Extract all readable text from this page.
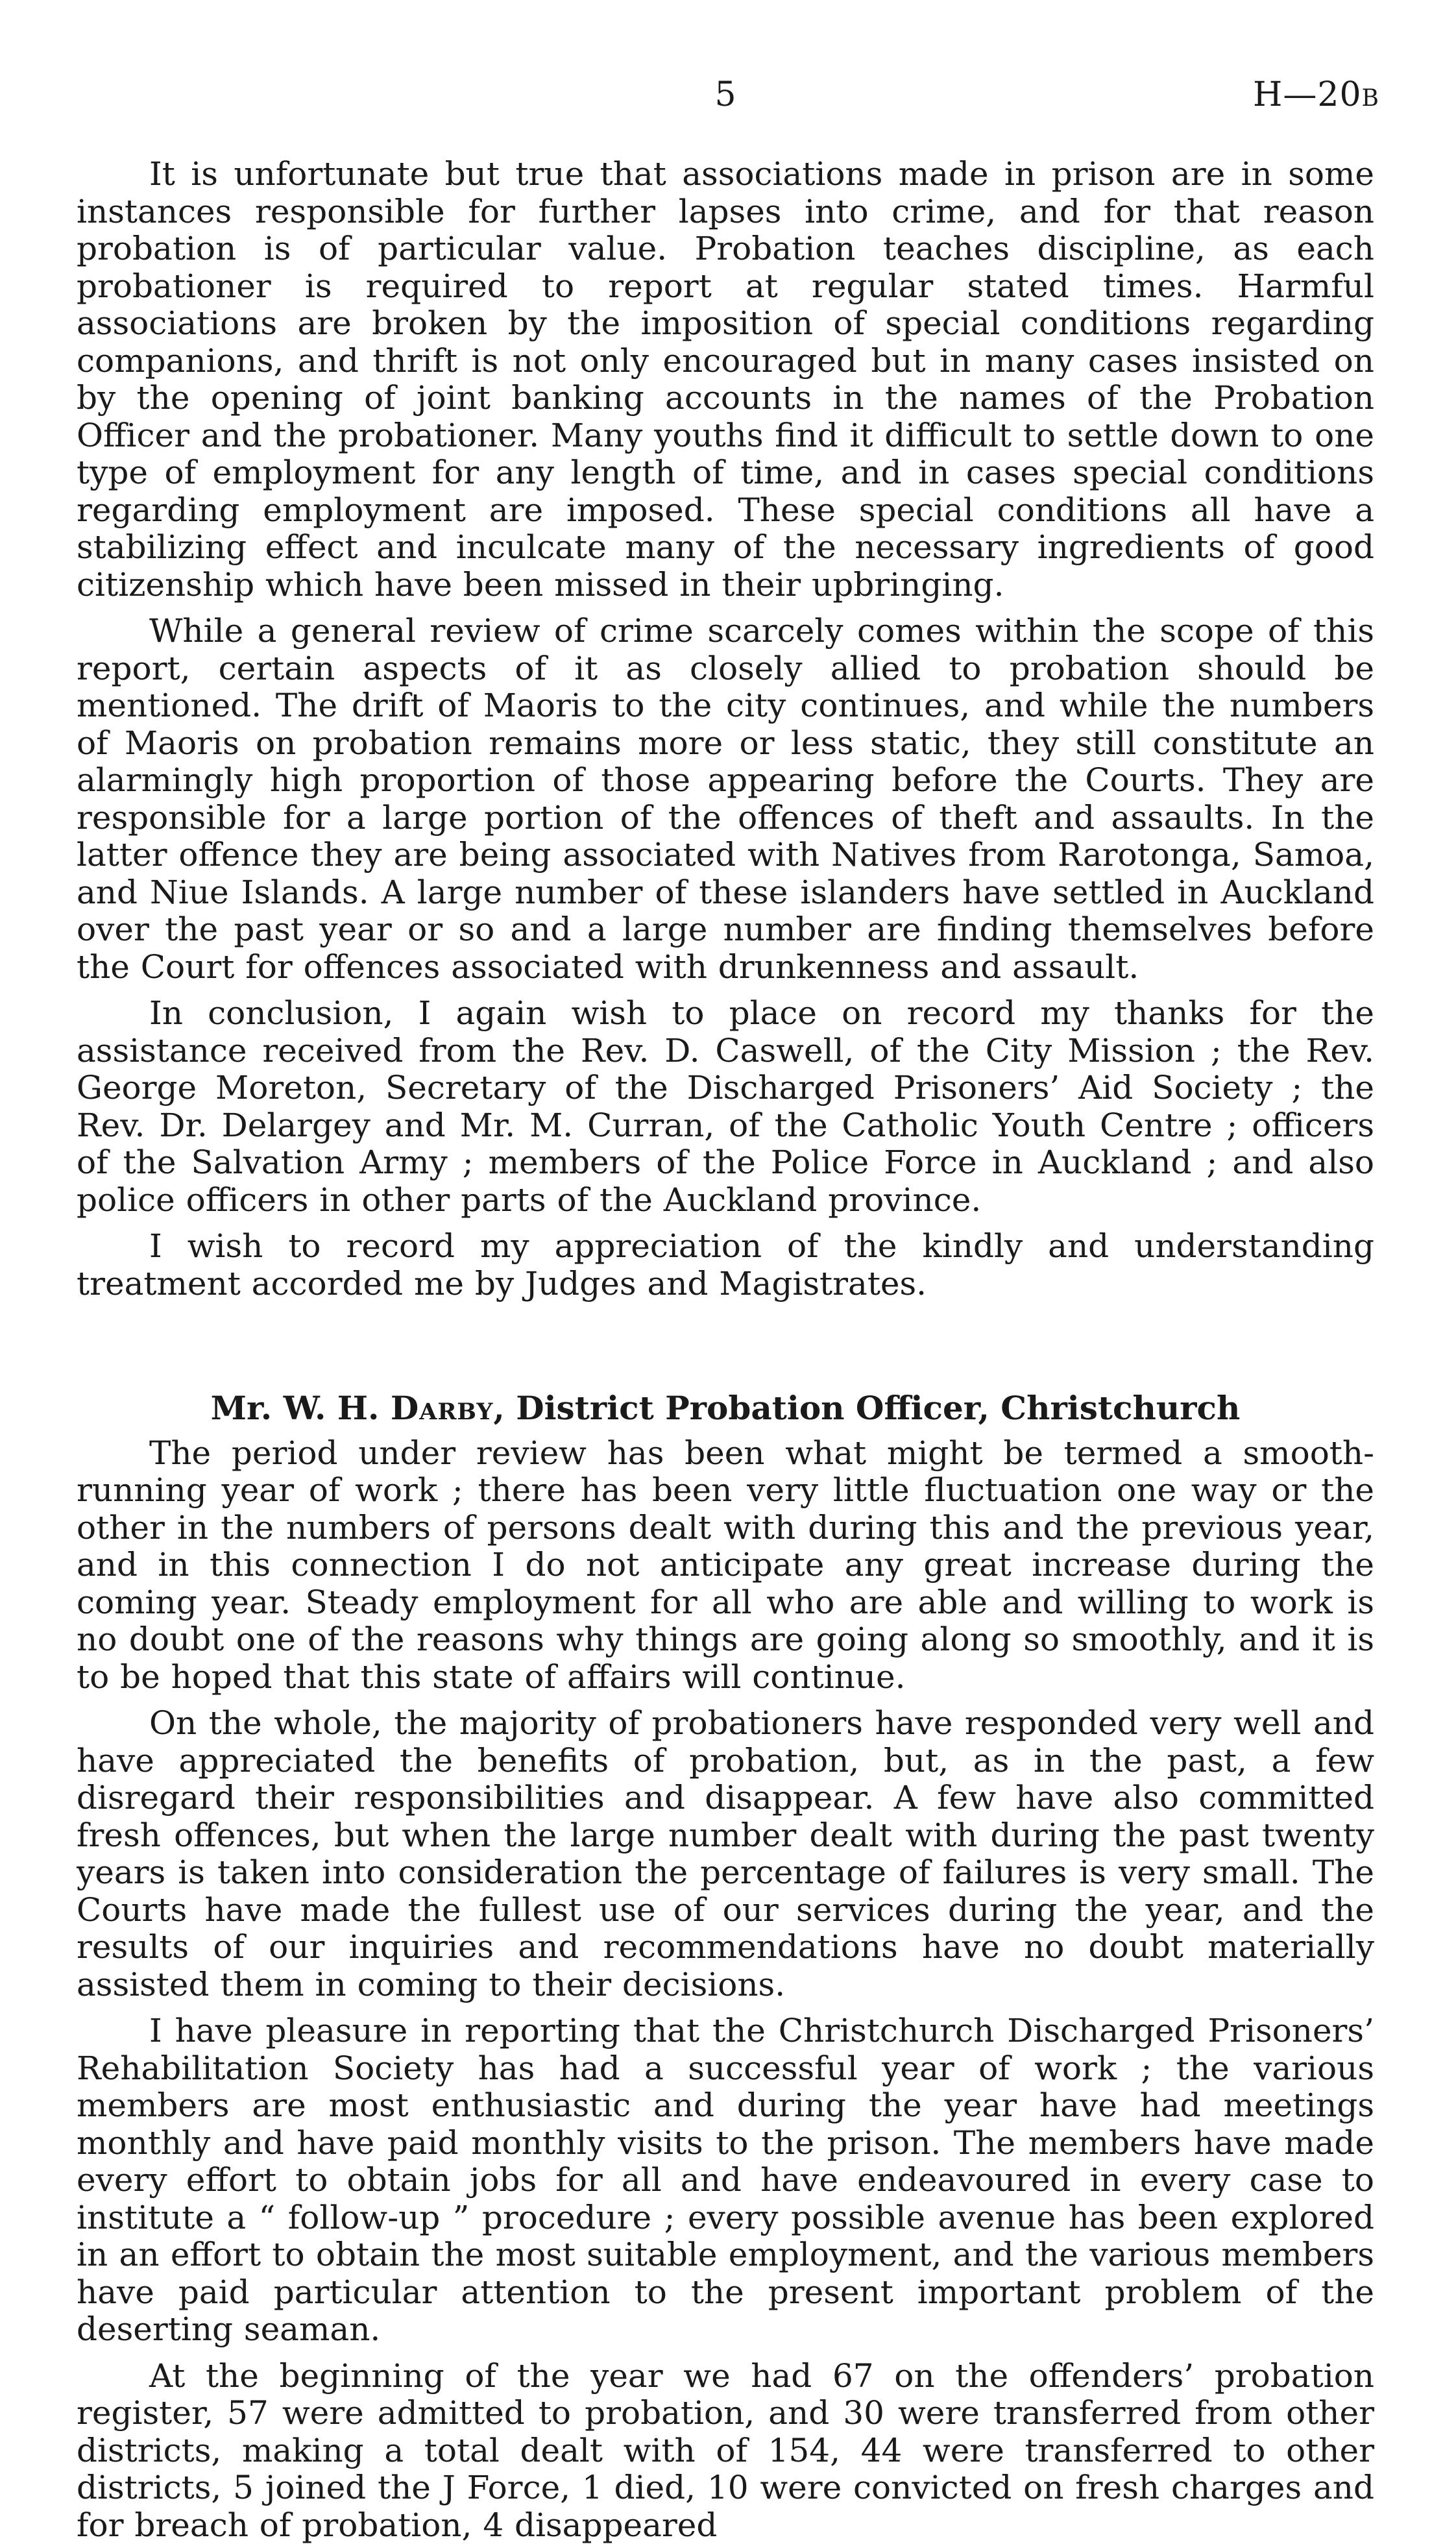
5	H—20B

It is unfortunate but true that associations made in prison are in some instances responsible for further lapses into crime, and for that reason probation is of particular value. Probation teaches discipline, as each probationer is required to report at regular stated times. Harmful associations are broken by the imposition of special conditions regarding companions, and thrift is not only encouraged but in many cases insisted on by the opening of joint banking accounts in the names of the Probation Officer and the probationer. Many youths find it difficult to settle down to one type of employment for any length of time, and in cases special conditions regarding employment are imposed. These special conditions all have a stabilizing effect and inculcate many of the necessary ingredients of good citizenship which have been missed in their upbringing.

While a general review of crime scarcely comes within the scope of this report, certain aspects of it as closely allied to probation should be mentioned. The drift of Maoris to the city continues, and while the numbers of Maoris on probation remains more or less static, they still constitute an alarmingly high proportion of those appearing before the Courts. They are responsible for a large portion of the offences of theft and assaults. In the latter offence they are being associated with Natives from Rarotonga, Samoa, and Niue Islands. A large number of these islanders have settled in Auckland over the past year or so and a large number are finding themselves before the Court for offences associated with drunkenness and assault.

In conclusion, I again wish to place on record my thanks for the assistance received from the Rev. D. Caswell, of the City Mission ; the Rev. George Moreton, Secretary of the Discharged Prisoners’ Aid Society ; the Rev. Dr. Delargey and Mr. M. Curran, of the Catholic Youth Centre ; officers of the Salvation Army ; members of the Police Force in Auckland ; and also police officers in other parts of the Auckland province.

I wish to record my appreciation of the kindly and understanding treatment accorded me by Judges and Magistrates.

Mr. W. H. Darby, District Probation Officer, Christchurch

The period under review has been what might be termed a smooth-running year of work ; there has been very little fluctuation one way or the other in the numbers of persons dealt with during this and the previous year, and in this connection I do not anticipate any great increase during the coming year. Steady employment for all who are able and willing to work is no doubt one of the reasons why things are going along so smoothly, and it is to be hoped that this state of affairs will continue.

On the whole, the majority of probationers have responded very well and have appreciated the benefits of probation, but, as in the past, a few disregard their responsibilities and disappear. A few have also committed fresh offences, but when the large number dealt with during the past twenty years is taken into consideration the percentage of failures is very small. The Courts have made the fullest use of our services during the year, and the results of our inquiries and recommendations have no doubt materially assisted them in coming to their decisions.

I have pleasure in reporting that the Christchurch Discharged Prisoners’ Rehabilitation Society has had a successful year of work ; the various members are most enthusiastic and during the year have had meetings monthly and have paid monthly visits to the prison. The members have made every effort to obtain jobs for all and have endeavoured in every case to institute a “ follow-up ” procedure ; every possible avenue has been explored in an effort to obtain the most suitable employment, and the various members have paid particular attention to the present important problem of the deserting seaman.

At the beginning of the year we had 67 on the offenders’ probation register, 57 were admitted to probation, and 30 were transferred from other districts, making a total dealt with of 154, 44 were transferred to other districts, 5 joined the J Force, 1 died, 10 were convicted on fresh charges and for breach of probation, 4 disappeared
